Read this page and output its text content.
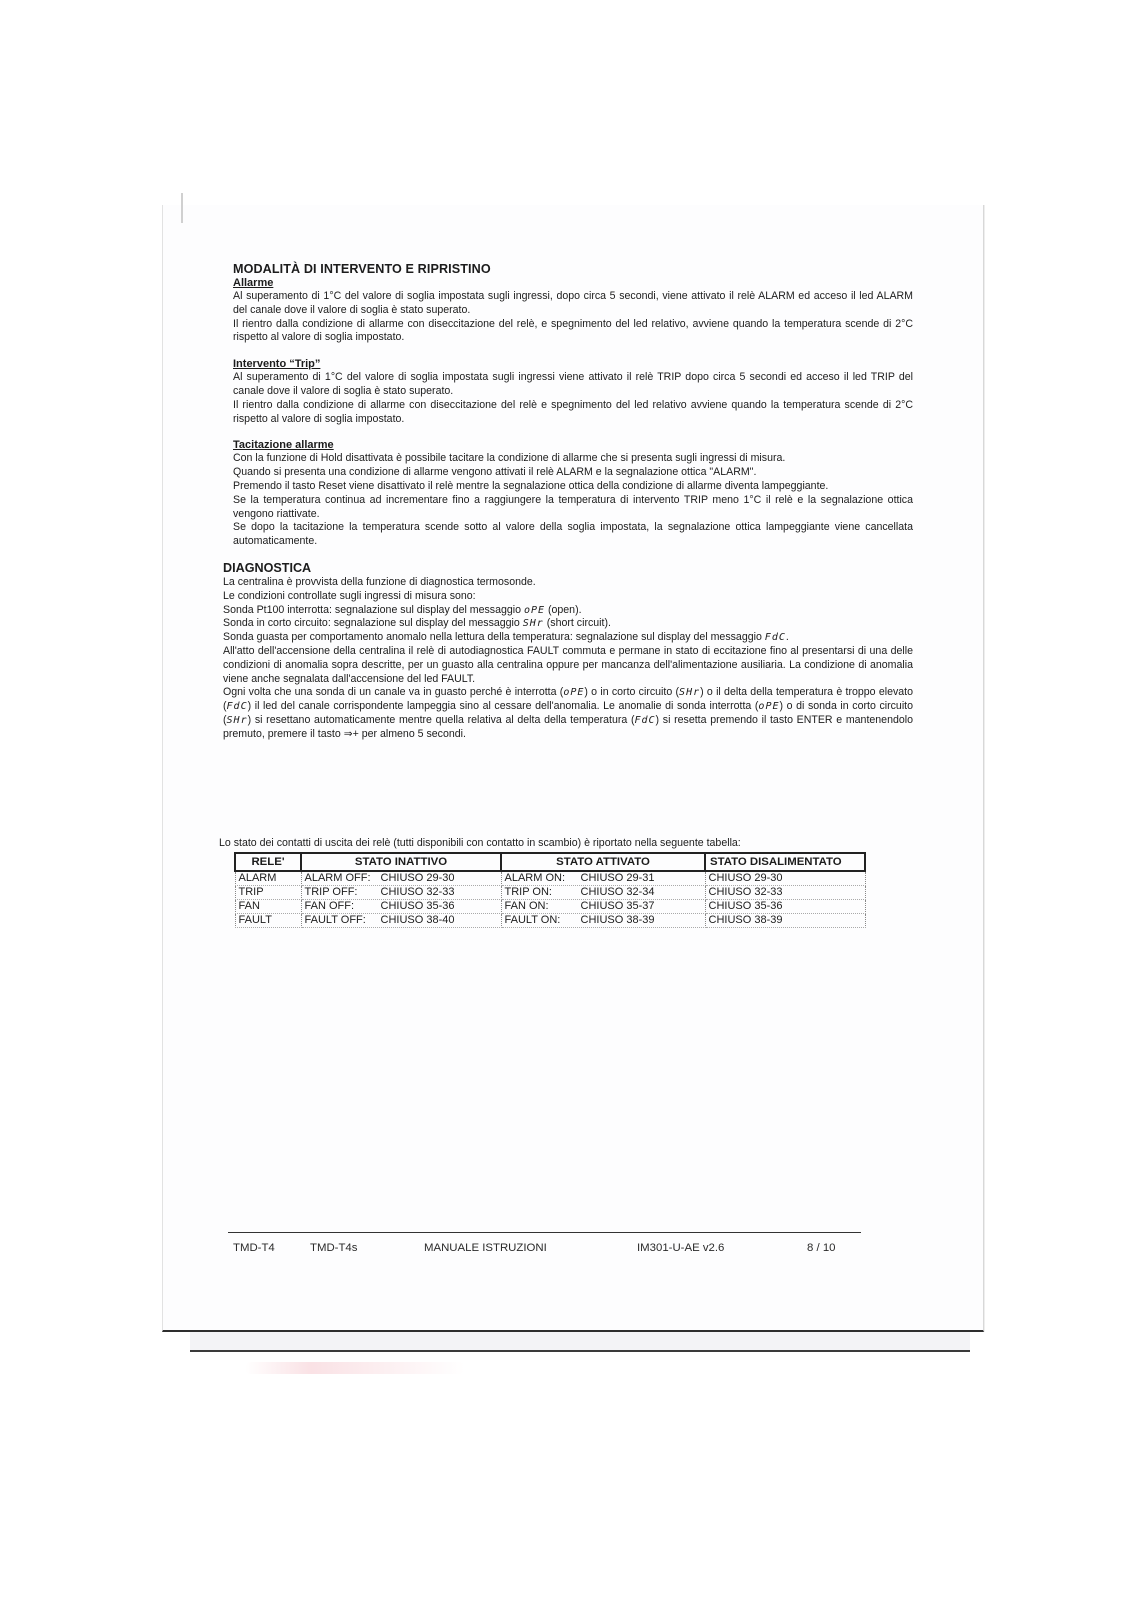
MODALITÀ DI INTERVENTO E RIPRISTINO
Allarme

Al superamento di 1°C del valore di soglia impostata sugli ingressi, dopo circa 5 secondi, viene attivato il relè ALARM ed acceso il led ALARM del canale dove il valore di soglia è stato superato.

Il rientro dalla condizione di allarme con diseccitazione del relè, e spegnimento del led relativo, avviene quando la temperatura scende di 2°C rispetto al valore di soglia impostato.

Intervento “Trip”

Al superamento di 1°C del valore di soglia impostata sugli ingressi viene attivato il relè TRIP dopo circa 5 secondi ed acceso il led TRIP del canale dove il valore di soglia è stato superato.

Il rientro dalla condizione di allarme con diseccitazione del relè e spegnimento del led relativo avviene quando la temperatura scende di 2°C rispetto al valore di soglia impostato.

Tacitazione allarme

Con la funzione di Hold disattivata è possibile tacitare la condizione di allarme che si presenta sugli ingressi di misura.

Quando si presenta una condizione di allarme vengono attivati il relè ALARM e la segnalazione ottica "ALARM".

Premendo il tasto Reset viene disattivato il relè mentre la segnalazione ottica della condizione di allarme diventa lampeggiante.

Se la temperatura continua ad incrementare fino a raggiungere la temperatura di intervento TRIP meno 1°C il relè e la segnalazione ottica vengono riattivate.

Se dopo la tacitazione la temperatura scende sotto al valore della soglia impostata, la segnalazione ottica lampeggiante viene cancellata automaticamente.

DIAGNOSTICA

La centralina è provvista della funzione di diagnostica termosonde.

Le condizioni controllate sugli ingressi di misura sono:

Sonda Pt100 interrotta: segnalazione sul display del messaggio oPE (open).

Sonda in corto circuito: segnalazione sul display del messaggio SHr (short circuit).

Sonda guasta per comportamento anomalo nella lettura della temperatura: segnalazione sul display del messaggio FdC.

All'atto dell'accensione della centralina il relè di autodiagnostica FAULT commuta e permane in stato di eccitazione fino al presentarsi di una delle condizioni di anomalia sopra descritte, per un guasto alla centralina oppure per mancanza dell'alimentazione ausiliaria. La condizione di anomalia viene anche segnalata dall'accensione del led FAULT.

Ogni volta che una sonda di un canale va in guasto perché è interrotta (oPE) o in corto circuito (SHr) o il delta della temperatura è troppo elevato (FdC) il led del canale corrispondente lampeggia sino al cessare dell'anomalia. Le anomalie di sonda interrotta (oPE) o di sonda in corto circuito (SHr) si resettano automaticamente mentre quella relativa al delta della temperatura (FdC) si resetta premendo il tasto ENTER e mantenendolo premuto, premere il tasto ⇒+ per almeno 5 secondi.

Lo stato dei contatti di uscita dei relè (tutti disponibili con contatto in scambio) è riportato nella seguente tabella:
RELE'	STATO INATTIVO	STATO ATTIVATO	STATO DISALIMENTATO
ALARM	ALARM OFF: CHIUSO 29-30	ALARM ON: CHIUSO 29-31	CHIUSO 29-30
TRIP	TRIP OFF: CHIUSO 32-33	TRIP ON: CHIUSO 32-34	CHIUSO 32-33
FAN	FAN OFF: CHIUSO 35-36	FAN ON: CHIUSO 35-37	CHIUSO 35-36
FAULT	FAULT OFF: CHIUSO 38-40	FAULT ON: CHIUSO 38-39	CHIUSO 38-39
TMD-T4	TMD-T4s	MANUALE ISTRUZIONI	IM301-U-AE v2.6	8 / 10
